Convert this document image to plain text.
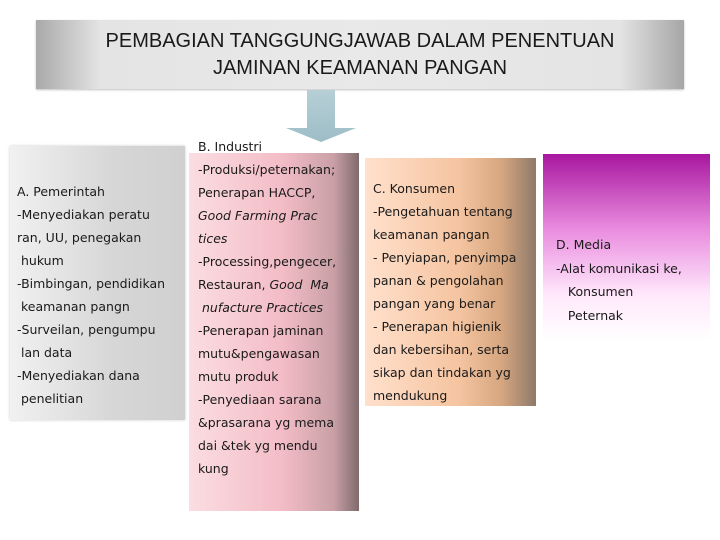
PEMBAGIAN TANGGUNGJAWAB DALAM PENENTUAN
JAMINAN KEAMANAN PANGAN
A. Pemerintah
-Menyediakan peratu
ran, UU, penegakan
hukum
-Bimbingan, pendidikan
keamanan pangn
-Surveilan, pengumpu
lan data
-Menyediakan dana
penelitian
B. Industri
-Produksi/peternakan;
Penerapan HACCP,
Good Farming Prac
tices
-Processing,pengecer,
Restauran, Good  Ma
nufacture Practices
-Penerapan jaminan
mutu&pengawasan
mutu produk
-Penyediaan sarana
&prasarana yg mema
dai &tek yg mendu
kung
C. Konsumen
-Pengetahuan tentang
keamanan pangan
- Penyiapan, penyimpa
panan & pengolahan
pangan yang benar
- Penerapan higienik
dan kebersihan, serta
sikap dan tindakan yg
mendukung
D. Media
-Alat komunikasi ke,
Konsumen
Peternak
